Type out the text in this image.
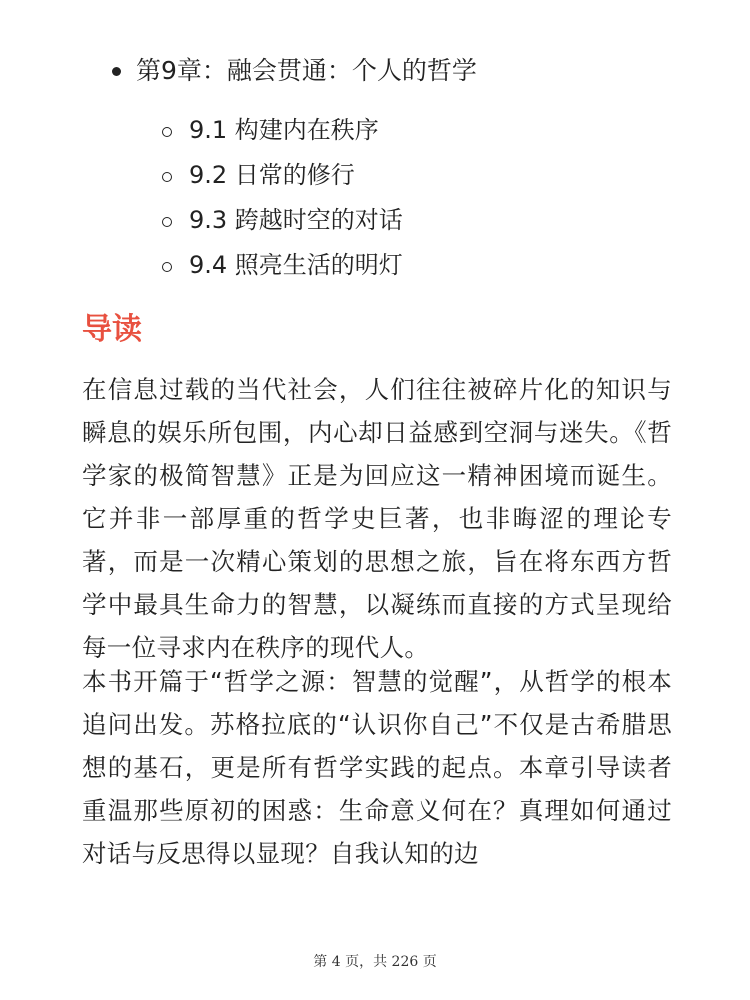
第9章：融会贯通：个人的哲学
9.1 构建内在秩序
9.2 日常的修行
9.3 跨越时空的对话
9.4 照亮生活的明灯
导读

在信息过载的当代社会，人们往往被碎片化的知识与瞬息的娱乐所包围，内心却日益感到空洞与迷失。《哲学家的极简智慧》正是为回应这一精神困境而诞生。它并非一部厚重的哲学史巨著，也非晦涩的理论专著，而是一次精心策划的思想之旅，旨在将东西方哲学中最具生命力的智慧，以凝练而直接的方式呈现给每一位寻求内在秩序的现代人。

本书开篇于“哲学之源：智慧的觉醒”，从哲学的根本追问出发。苏格拉底的“认识你自己”不仅是古希腊思想的基石，更是所有哲学实践的起点。本章引导读者重温那些原初的困惑：生命意义何在？真理如何通过对话与反思得以显现？自我认知的边

第 4 页，共 226 页
